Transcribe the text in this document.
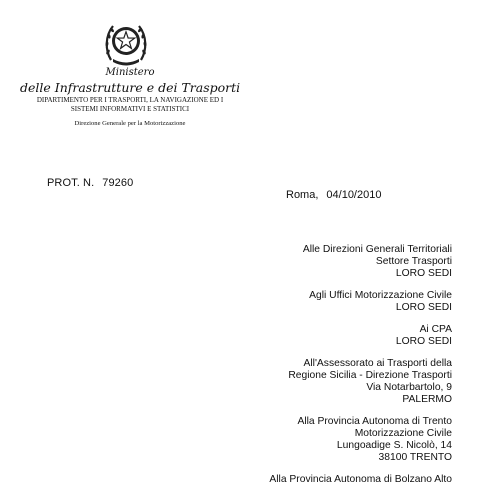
Ministero
delle Infrastrutture e dei Trasporti
DIPARTIMENTO PER I TRASPORTI, LA NAVIGAZIONE ED I
SISTEMI INFORMATIVI E STATISTICI
Direzione Generale per la Motorizzazione
PROT. N. 79260
Roma, 04/10/2010
Alle Direzioni Generali Territoriali
Settore Trasporti
LORO SEDI
Agli Uffici Motorizzazione Civile
LORO SEDI
Ai CPA
LORO SEDI
All'Assessorato ai Trasporti della
Regione Sicilia - Direzione Trasporti
Via Notarbartolo, 9
PALERMO
Alla Provincia Autonoma di Trento
Motorizzazione Civile
Lungoadige S. Nicolò, 14
38100 TRENTO
Alla Provincia Autonoma di Bolzano Alto
